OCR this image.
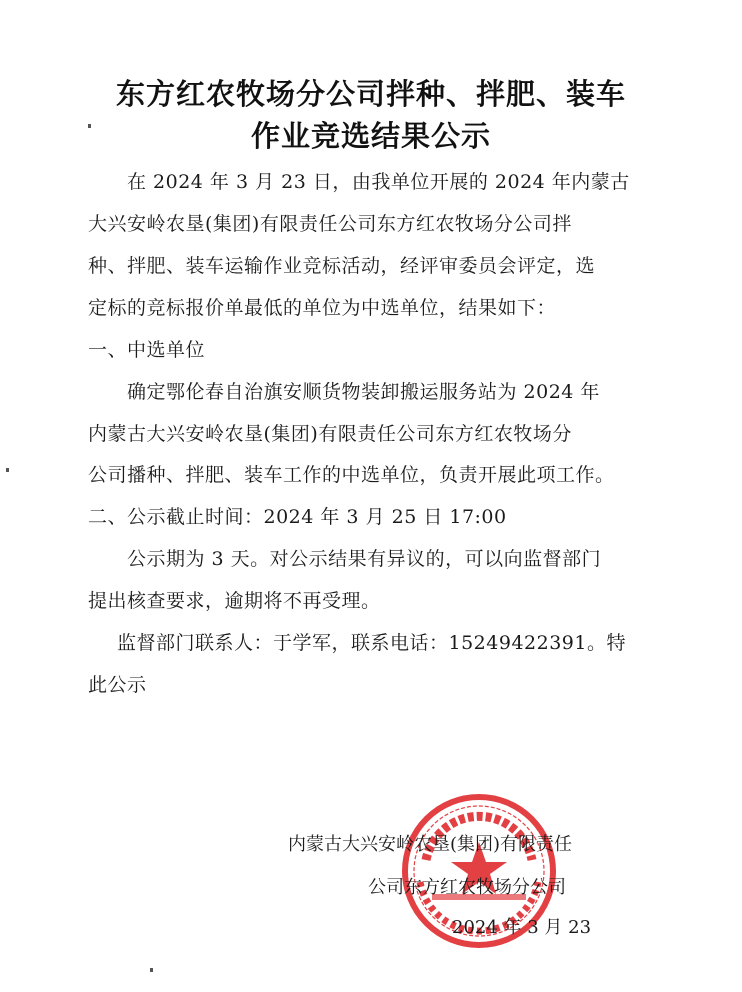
东方红农牧场分公司拌种、拌肥、装车
作业竞选结果公示
在 2024 年 3 月 23 日，由我单位开展的 2024 年内蒙古
大兴安岭农垦(集团)有限责任公司东方红农牧场分公司拌
种、拌肥、装车运输作业竞标活动，经评审委员会评定，选
定标的竞标报价单最低的单位为中选单位，结果如下：
一、中选单位
确定鄂伦春自治旗安顺货物装卸搬运服务站为 2024 年
内蒙古大兴安岭农垦(集团)有限责任公司东方红农牧场分
公司播种、拌肥、装车工作的中选单位，负责开展此项工作。
二、公示截止时间：2024 年 3 月 25 日 17:00
公示期为 3 天。对公示结果有异议的，可以向监督部门
提出核查要求，逾期将不再受理。
监督部门联系人：于学军，联系电话：15249422391。特
此公示
内蒙古大兴安岭农垦(集团)有限责任
公司东方红农牧场分公司
2024 年 3 月 23
